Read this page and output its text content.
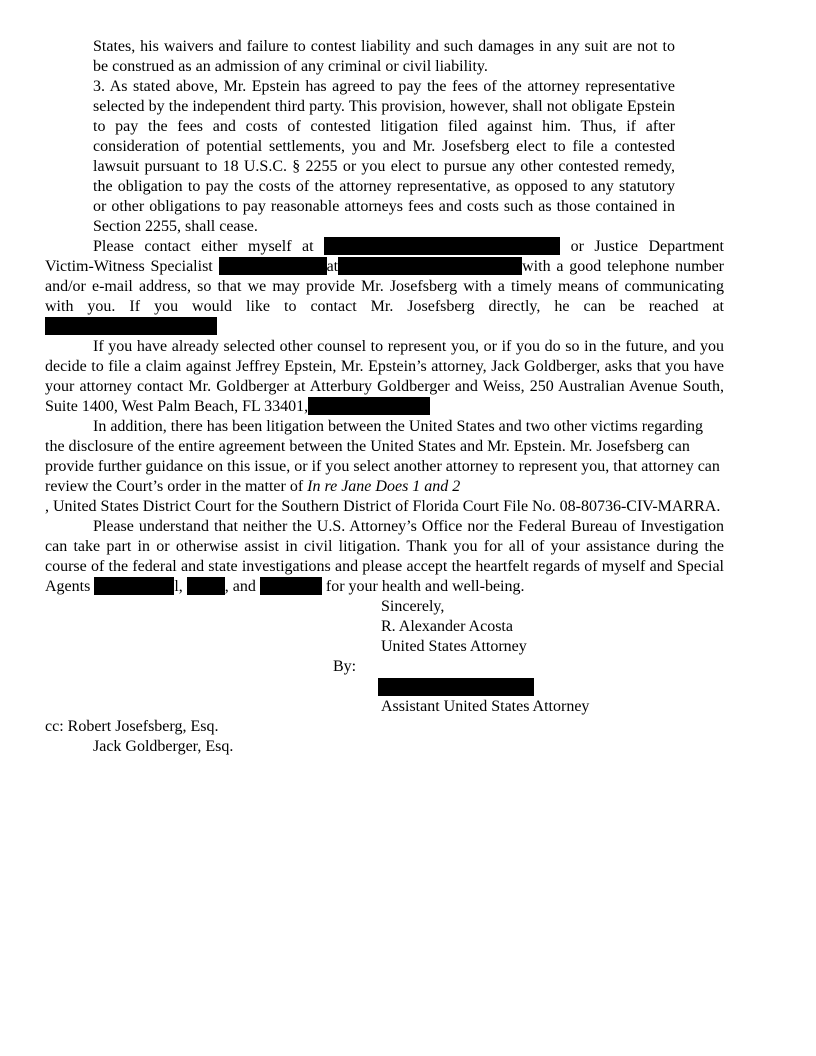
States, his waivers and failure to contest liability and such damages in any suit are not to be construed as an admission of any criminal or civil liability.

3. As stated above, Mr. Epstein has agreed to pay the fees of the attorney representative selected by the independent third party. This provision, however, shall not obligate Epstein to pay the fees and costs of contested litigation filed against him. Thus, if after consideration of potential settlements, you and Mr. Josefsberg elect to file a contested lawsuit pursuant to 18 U.S.C. § 2255 or you elect to pursue any other contested remedy, the obligation to pay the costs of the attorney representative, as opposed to any statutory or other obligations to pay reasonable attorneys fees and costs such as those contained in Section 2255, shall cease.

Please contact either myself at	or Justice Department Victim-Witness Specialist	at	with a good telephone number and/or e-mail address, so that we may provide Mr. Josefsberg with a timely means of communicating with you. If you would like to contact Mr. Josefsberg directly, he can be reached at

If you have already selected other counsel to represent you, or if you do so in the future, and you decide to file a claim against Jeffrey Epstein, Mr. Epstein’s attorney, Jack Goldberger, asks that you have your attorney contact Mr. Goldberger at Atterbury Goldberger and Weiss, 250 Australian Avenue South, Suite 1400, West Palm Beach, FL 33401,

In addition, there has been litigation between the United States and two other victims regarding the disclosure of the entire agreement between the United States and Mr. Epstein. Mr. Josefsberg can provide further guidance on this issue, or if you select another attorney to represent you, that attorney can review the Court’s order in the matter of In re Jane Does 1 and 2
, United States District Court for the Southern District of Florida Court File No. 08-80736-CIV-MARRA.

Please understand that neither the U.S. Attorney’s Office nor the Federal Bureau of Investigation can take part in or otherwise assist in civil litigation. Thank you for all of your assistance during the course of the federal and state investigations and please accept the heartfelt regards of myself and Special Agents	l,	, and	for your health and well-being.

Sincerely,

R. Alexander Acosta

United States Attorney

By:

Assistant United States Attorney

cc: Robert Josefsberg, Esq.

Jack Goldberger, Esq.
